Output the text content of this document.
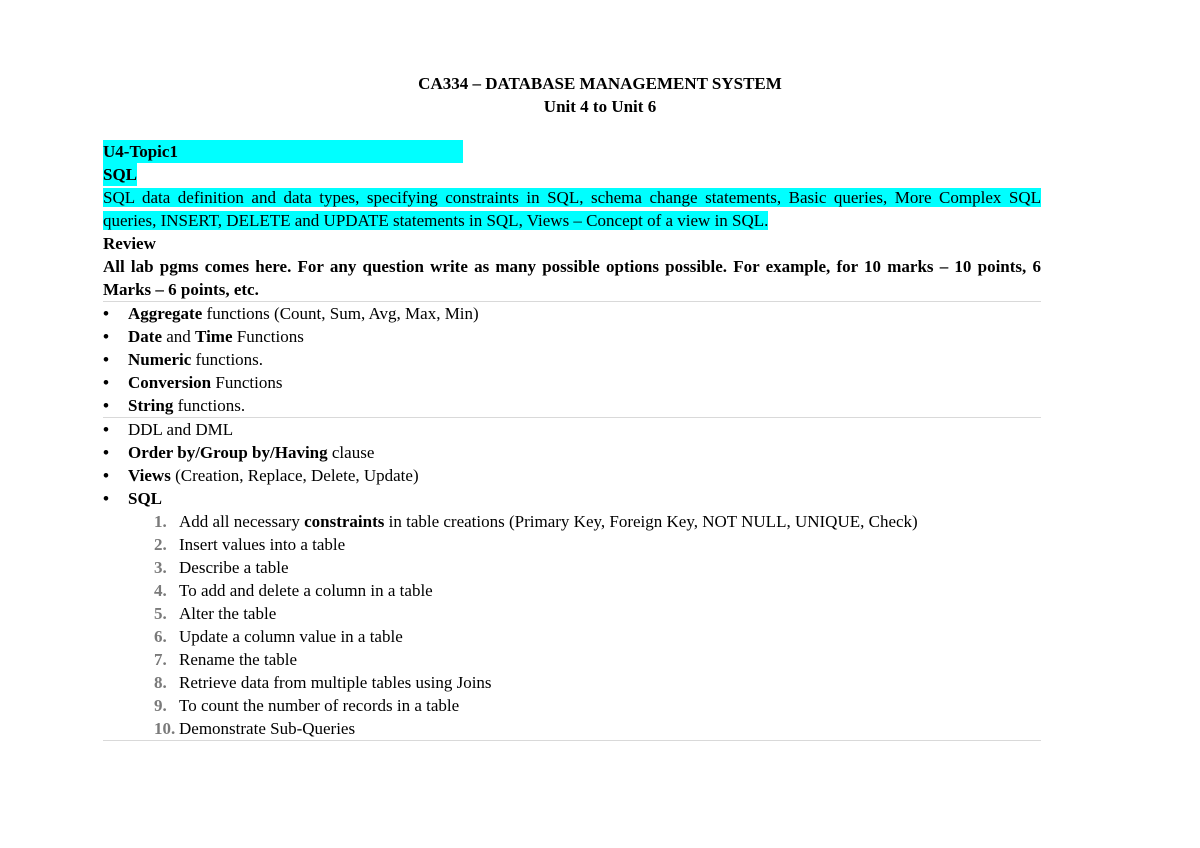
CA334 – DATABASE MANAGEMENT SYSTEM
Unit 4 to Unit 6
U4-Topic1
SQL
SQL data definition and data types, specifying constraints in SQL, schema change statements, Basic queries, More Complex SQL queries, INSERT, DELETE and UPDATE statements in SQL, Views – Concept of a view in SQL.
Review
All lab pgms comes here. For any question write as many possible options possible. For example, for 10 marks – 10 points, 6 Marks – 6 points, etc.
• Aggregate functions (Count, Sum, Avg, Max, Min)
• Date and Time Functions
• Numeric functions.
• Conversion Functions
• String functions.
• DDL and DML
• Order by/Group by/Having clause
• Views (Creation, Replace, Delete, Update)
• SQL
1. Add all necessary constraints in table creations (Primary Key, Foreign Key, NOT NULL, UNIQUE, Check)
2. Insert values into a table
3. Describe a table
4. To add and delete a column in a table
5. Alter the table
6. Update a column value in a table
7. Rename the table
8. Retrieve data from multiple tables using Joins
9. To count the number of records in a table
10. Demonstrate Sub-Queries
